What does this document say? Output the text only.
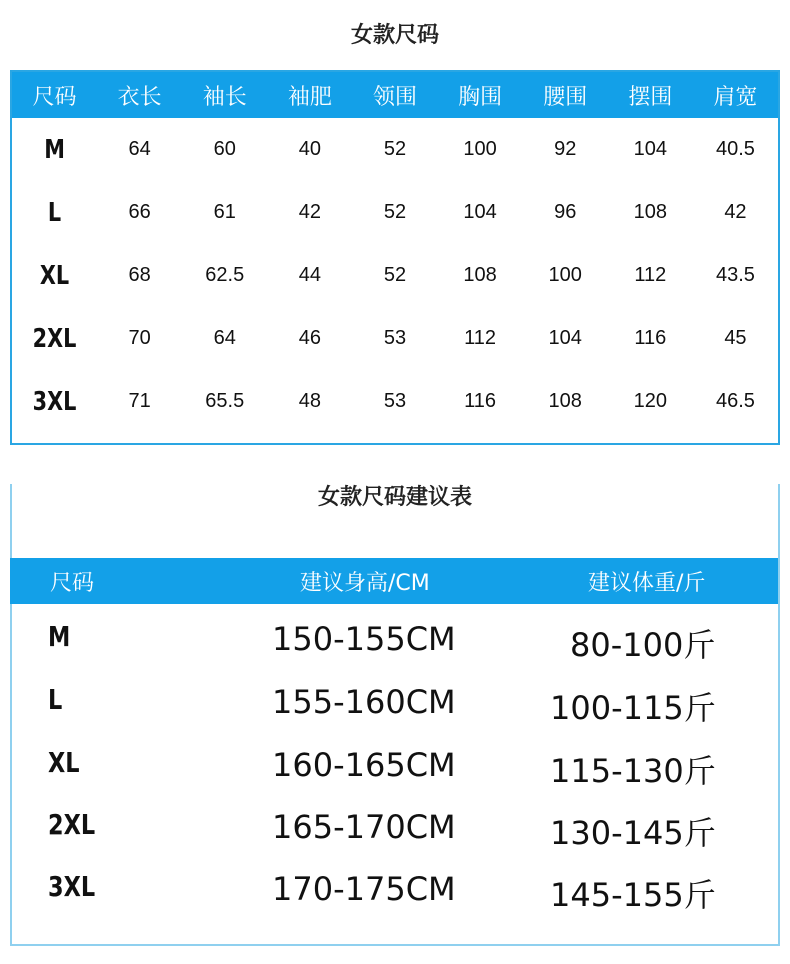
女款尺码
尺码	衣长	袖长	袖肥	领围	胸围	腰围	摆围	肩宽
M	64	60	40	52	100	92	104	40.5
L	66	61	42	52	104	96	108	42
XL	68	62.5	44	52	108	100	112	43.5
2XL	70	64	46	53	112	104	116	45
3XL	71	65.5	48	53	116	108	120	46.5
女款尺码建议表
尺码	建议身高/CM	建议体重/斤
M	150-155CM	80-100斤
L	155-160CM	100-115斤
XL	160-165CM	115-130斤
2XL	165-170CM	130-145斤
3XL	170-175CM	145-155斤
